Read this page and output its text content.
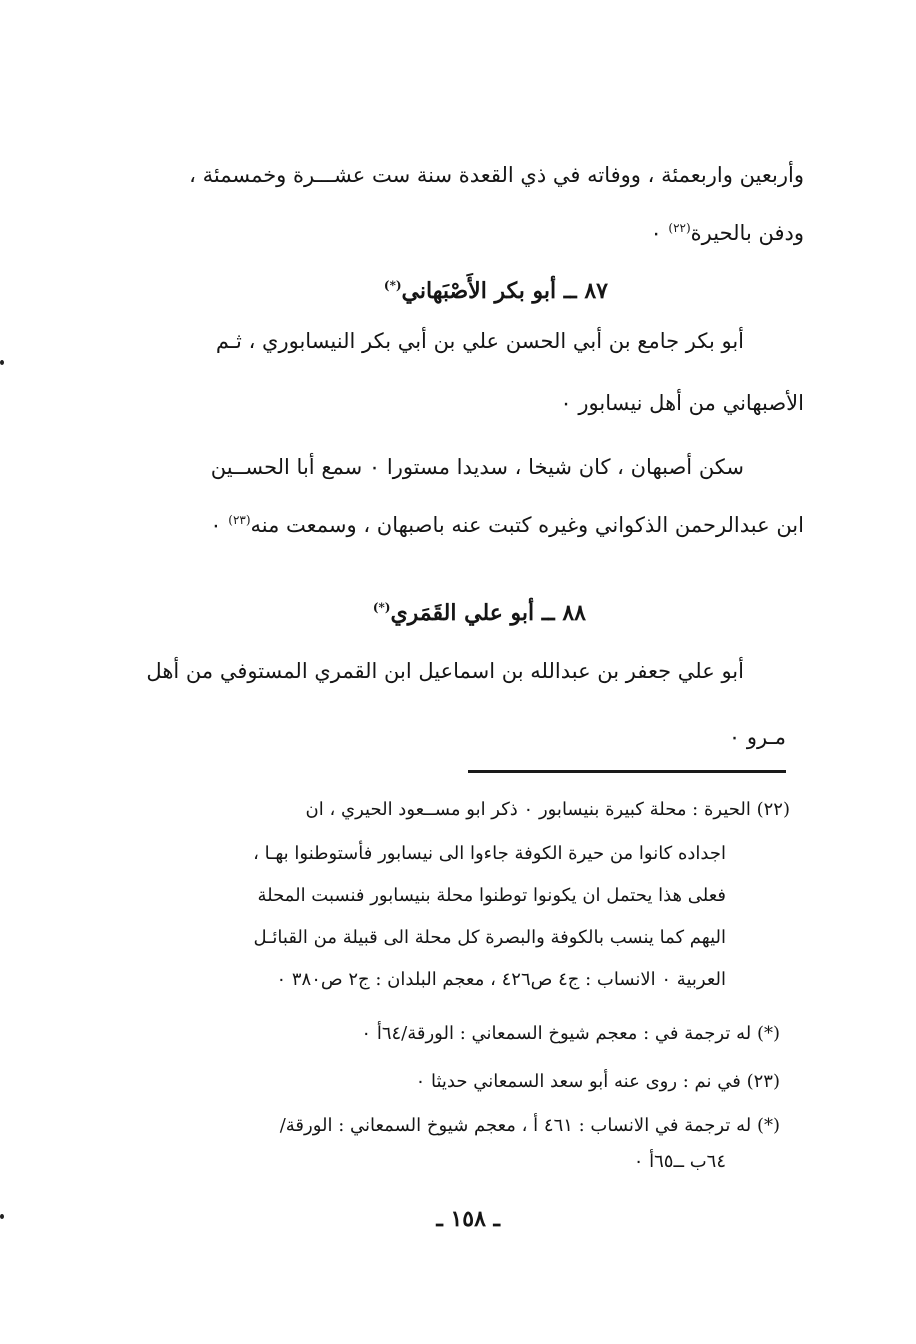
وأربعين واربعمئة ، ووفاته في ذي القعدة سنة ست عشـــرة وخمسمئة ،
ودفن بالحيرة$^{(٢٢)}$ ٠
٨٧ ــ أبو بكر الأَصْبَهاني(*)
أبو بكر جامع بن أبي الحسن علي بن أبي بكر النيسابوري ، ثـم
الأصبهاني من أهل نيسابور ٠
سكن أصبهان ، كان شيخا ، سديدا مستورا ٠ سمع أبا الحســين
ابن عبدالرحمن الذكواني وغيره كتبت عنه باصبهان ، وسمعت منه$^{(٢٣)}$ ٠
٨٨ ــ أبو علي القَمَري(*)
أبو علي جعفر بن عبدالله بن اسماعيل ابن القمري المستوفي من أهل
مـرو ٠
(٢٢) الحيرة : محلة كبيرة بنيسابور ٠ ذكر ابو مســعود الحيري ، ان
اجداده كانوا من حيرة الكوفة جاءوا الى نيسابور فأستوطنوا بهـا ،
فعلى هذا يحتمل ان يكونوا توطنوا محلة بنيسابور فنسبت المحلة
اليهم كما ينسب بالكوفة والبصرة كل محلة الى قبيلة من القبائـل
العربية ٠ الانساب : ج٤ ص٤٢٦ ، معجم البلدان : ج٢ ص٣٨٠ ٠
(*) له ترجمة في : معجم شيوخ السمعاني : الورقة/٦٤أ ٠
(٢٣) في نم : روى عنه أبو سعد السمعاني حديثا ٠
(*) له ترجمة في الانساب : ٤٦١ أ ، معجم شيوخ السمعاني : الورقة/
٦٤ب ــ٦٥أ ٠
ـ ١٥٨ ـ
